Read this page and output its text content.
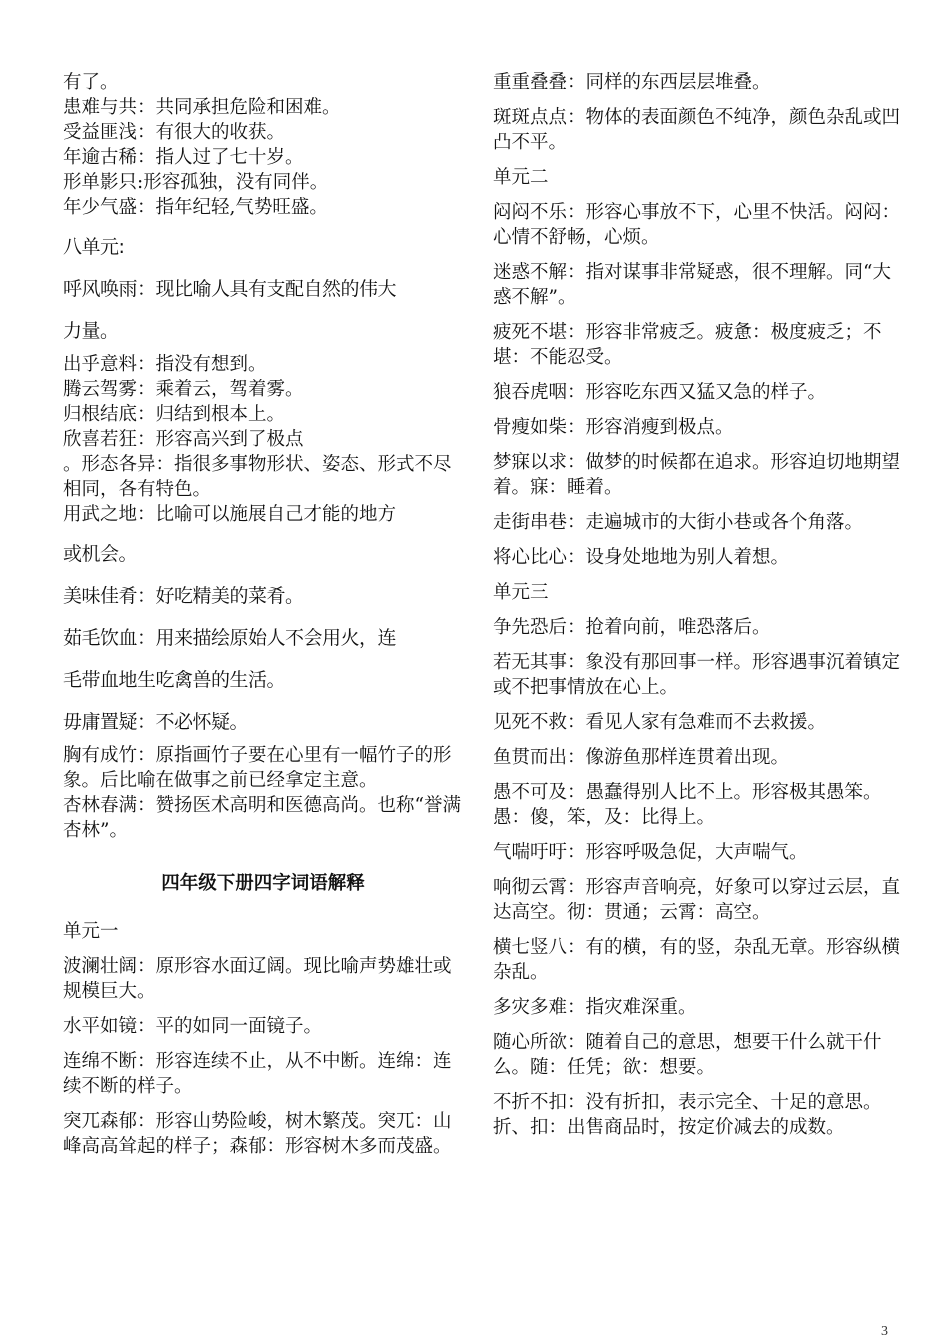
有了。

患难与共：共同承担危险和困难。

受益匪浅：有很大的收获。

年逾古稀：指人过了七十岁。

形单影只:形容孤独，没有同伴。

年少气盛：指年纪轻,气势旺盛。

八单元:

呼风唤雨：现比喻人具有支配自然的伟大

力量。

出乎意料：指没有想到。
腾云驾雾：乘着云，驾着雾。
归根结底：归结到根本上。
欣喜若狂：形容高兴到了极点
。形态各异：指很多事物形状、姿态、形式不尽相同，各有特色。
用武之地：比喻可以施展自己才能的地方

或机会。

美味佳肴：好吃精美的菜肴。

茹毛饮血：用来描绘原始人不会用火，连

毛带血地生吃禽兽的生活。

毋庸置疑：不必怀疑。

胸有成竹：原指画竹子要在心里有一幅竹子的形象。后比喻在做事之前已经拿定主意。
杏林春满：赞扬医术高明和医德高尚。也称“誉满杏林”。

四年级下册四字词语解释

单元一

波澜壮阔：原形容水面辽阔。现比喻声势雄壮或规模巨大。

水平如镜：平的如同一面镜子。

连绵不断：形容连续不止，从不中断。连绵：连续不断的样子。

突兀森郁：形容山势险峻，树木繁茂。突兀：山峰高高耸起的样子；森郁：形容树木多而茂盛。

重重叠叠：同样的东西层层堆叠。

斑斑点点：物体的表面颜色不纯净，颜色杂乱或凹凸不平。

单元二

闷闷不乐：形容心事放不下，心里不快活。闷闷：心情不舒畅，心烦。

迷惑不解：指对谋事非常疑惑，很不理解。同“大惑不解”。

疲死不堪：形容非常疲乏。疲惫：极度疲乏；不堪：不能忍受。

狼吞虎咽：形容吃东西又猛又急的样子。

骨瘦如柴：形容消瘦到极点。

梦寐以求：做梦的时候都在追求。形容迫切地期望着。寐：睡着。

走街串巷：走遍城市的大街小巷或各个角落。

将心比心：设身处地地为别人着想。

单元三

争先恐后：抢着向前，唯恐落后。

若无其事：象没有那回事一样。形容遇事沉着镇定或不把事情放在心上。

见死不救：看见人家有急难而不去救援。

鱼贯而出：像游鱼那样连贯着出现。

愚不可及：愚蠢得别人比不上。形容极其愚笨。愚：傻，笨，及：比得上。

气喘吁吁：形容呼吸急促，大声喘气。

响彻云霄：形容声音响亮，好象可以穿过云层，直达高空。彻：贯通；云霄：高空。

横七竖八：有的横，有的竖，杂乱无章。形容纵横杂乱。

多灾多难：指灾难深重。

随心所欲：随着自己的意思，想要干什么就干什么。随：任凭；欲：想要。

不折不扣：没有折扣，表示完全、十足的意思。折、扣：出售商品时，按定价减去的成数。

3
